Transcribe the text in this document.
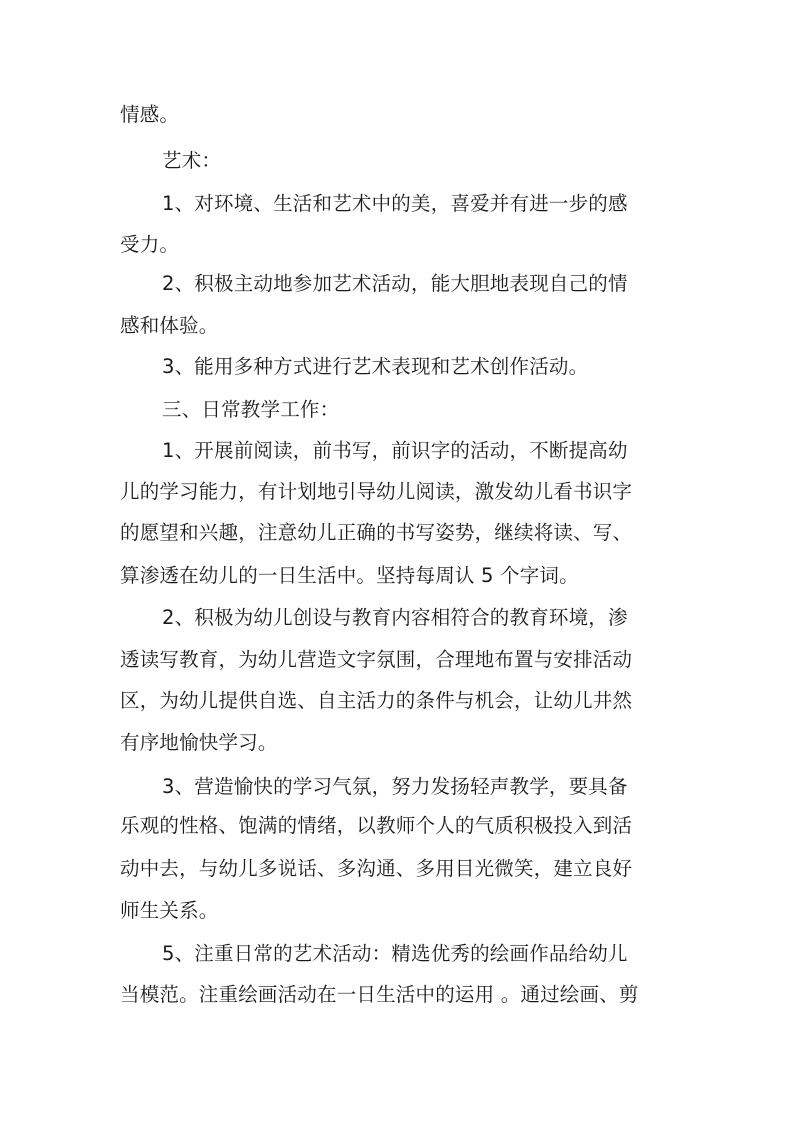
情感。
艺术：
1、对环境、生活和艺术中的美，喜爱并有进一步的感
受力。
2、积极主动地参加艺术活动，能大胆地表现自己的情
感和体验。
3、能用多种方式进行艺术表现和艺术创作活动。
三、日常教学工作：
1、开展前阅读，前书写，前识字的活动，不断提高幼
儿的学习能力，有计划地引导幼儿阅读，激发幼儿看书识字
的愿望和兴趣，注意幼儿正确的书写姿势，继续将读、写、
算渗透在幼儿的一日生活中。坚持每周认 5 个字词。
2、积极为幼儿创设与教育内容相符合的教育环境，渗
透读写教育，为幼儿营造文字氛围，合理地布置与安排活动
区，为幼儿提供自选、自主活力的条件与机会，让幼儿井然
有序地愉快学习。
3、营造愉快的学习气氛，努力发扬轻声教学，要具备
乐观的性格、饱满的情绪，以教师个人的气质积极投入到活
动中去，与幼儿多说话、多沟通、多用目光微笑，建立良好
师生关系。
5、注重日常的艺术活动：精选优秀的绘画作品给幼儿
当模范。注重绘画活动在一日生活中的运用 。通过绘画、剪
